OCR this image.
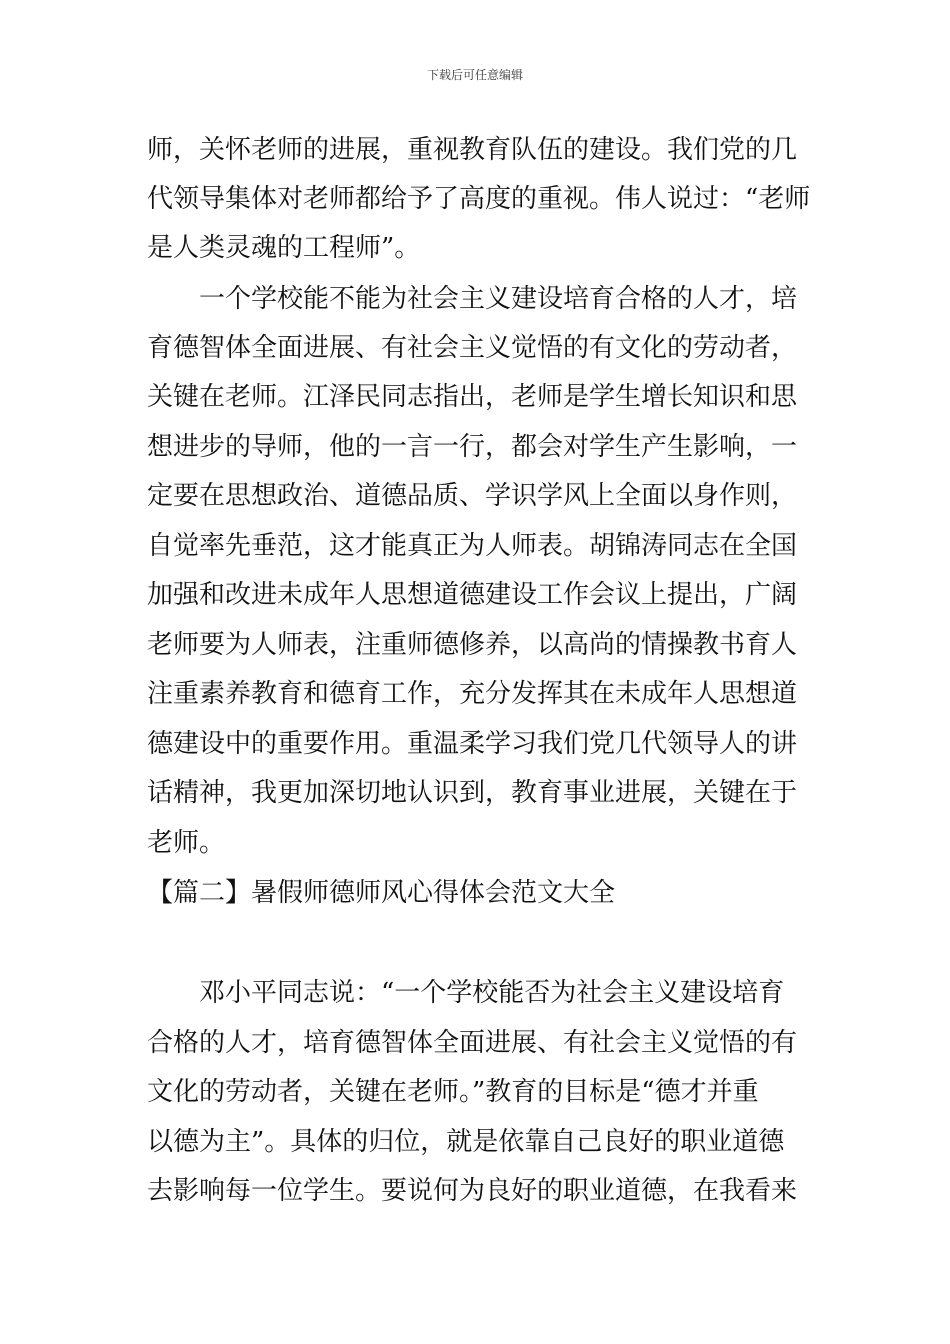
下载后可任意编辑
师，关怀老师的进展，重视教育队伍的建设。我们党的几
代领导集体对老师都给予了高度的重视。伟人说过：“老师
是人类灵魂的工程师”。
　　一个学校能不能为社会主义建设培育合格的人才，培
育德智体全面进展、有社会主义觉悟的有文化的劳动者，
关键在老师。江泽民同志指出，老师是学生增长知识和思
想进步的导师，他的一言一行，都会对学生产生影响，一
定要在思想政治、道德品质、学识学风上全面以身作则，
自觉率先垂范，这才能真正为人师表。胡锦涛同志在全国
加强和改进未成年人思想道德建设工作会议上提出，广阔
老师要为人师表，注重师德修养，以高尚的情操教书育人
注重素养教育和德育工作，充分发挥其在未成年人思想道
德建设中的重要作用。重温柔学习我们党几代领导人的讲
话精神，我更加深切地认识到，教育事业进展，关键在于
老师。
【篇二】暑假师德师风心得体会范文大全
　　邓小平同志说：“一个学校能否为社会主义建设培育
合格的人才，培育德智体全面进展、有社会主义觉悟的有
文化的劳动者，关键在老师。”教育的目标是“德才并重
以德为主”。具体的归位，就是依靠自己良好的职业道德
去影响每一位学生。要说何为良好的职业道德，在我看来
